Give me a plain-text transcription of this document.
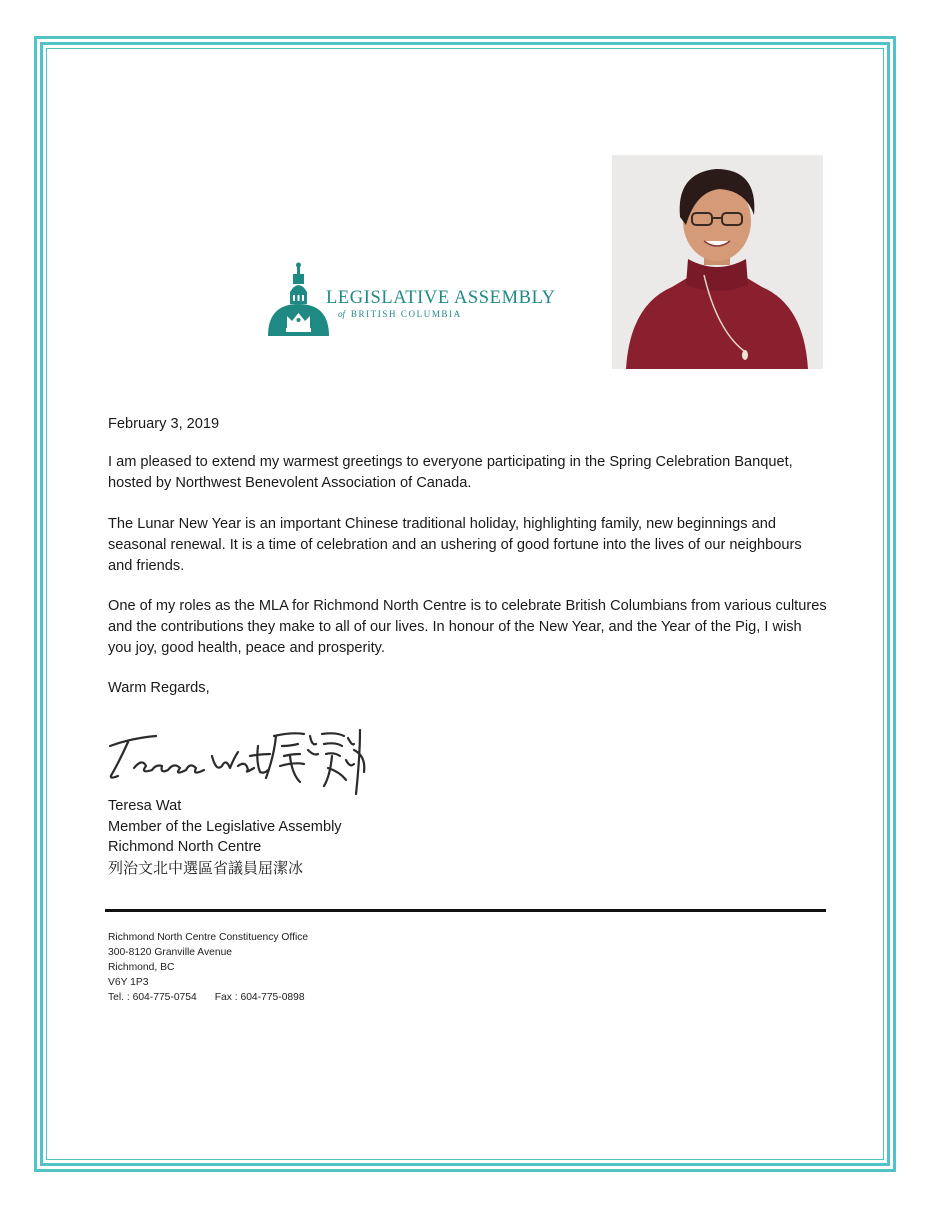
LEGISLATIVE ASSEMBLY
of BRITISH COLUMBIA
February 3, 2019
I am pleased to extend my warmest greetings to everyone participating in the Spring Celebration Banquet, hosted by Northwest Benevolent Association of Canada.
The Lunar New Year is an important Chinese traditional holiday, highlighting family, new beginnings and seasonal renewal. It is a time of celebration and an ushering of good fortune into the lives of our neighbours and friends.
One of my roles as the MLA for Richmond North Centre is to celebrate British Columbians from various cultures and the contributions they make to all of our lives. In honour of the New Year, and the Year of the Pig, I wish you joy, good health, peace and prosperity.
Warm Regards,
Teresa Wat
Member of the Legislative Assembly
Richmond North Centre
列治文北中選區省議員屈潔冰
Richmond North Centre Constituency Office
300-8120 Granville Avenue
Richmond, BC
V6Y 1P3
Tel. : 604-775-0754 Fax : 604-775-0898
